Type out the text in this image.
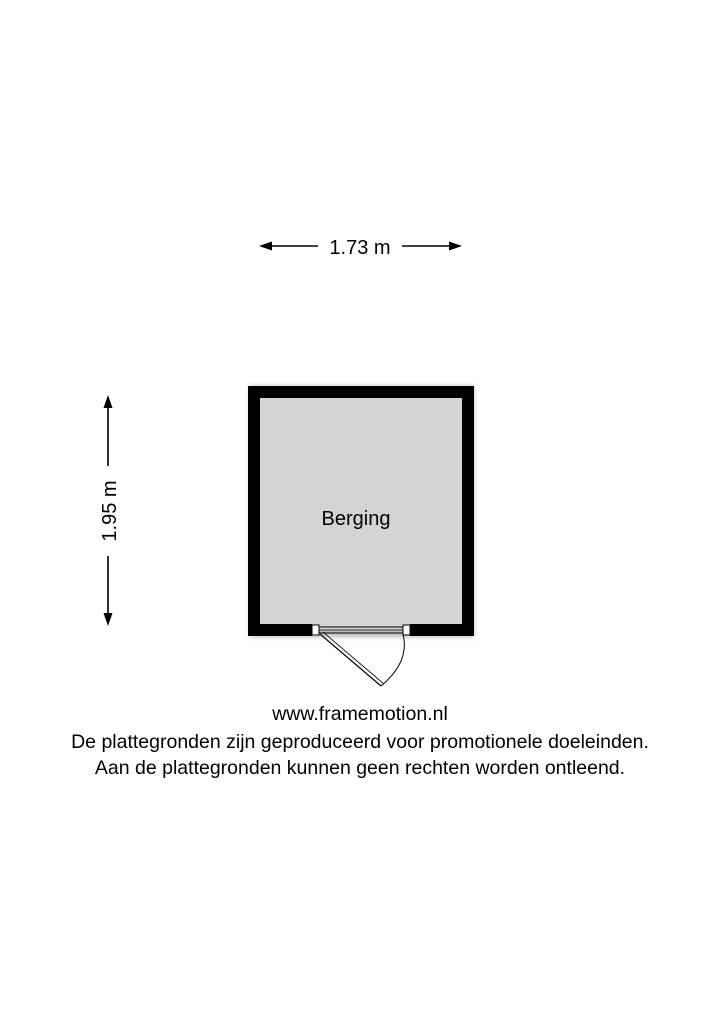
1.73 m
1.95 m	Berging
www.framemotion.nl
De plattegronden zijn geproduceerd voor promotionele doeleinden.
Aan de plattegronden kunnen geen rechten worden ontleend.
